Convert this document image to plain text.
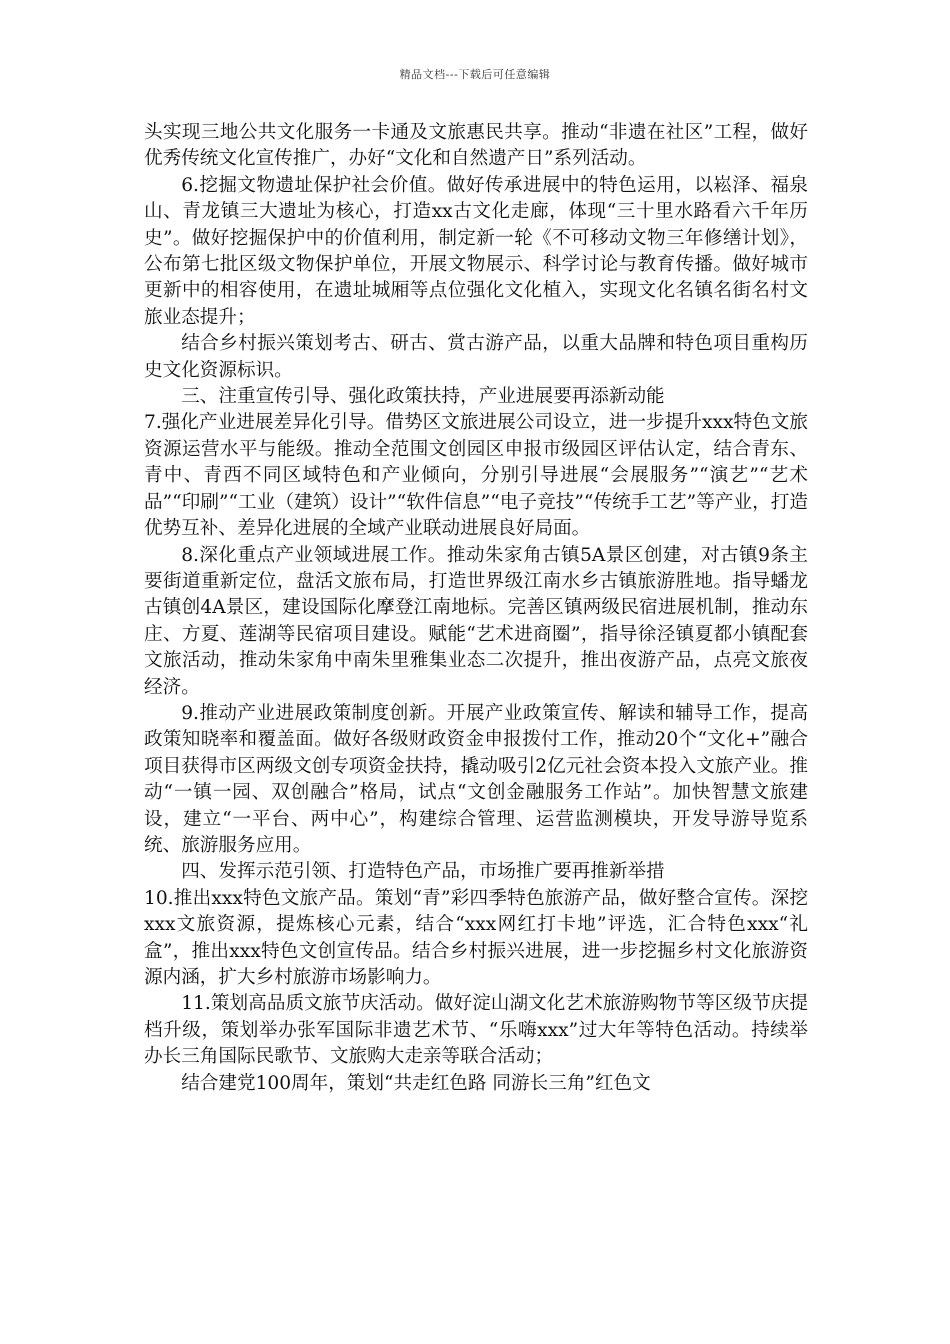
精品文档---下载后可任意编辑

头实现三地公共文化服务一卡通及文旅惠民共享。推动“非遗在社区”工程，做好优秀传统文化宣传推广，办好“文化和自然遗产日”系列活动。

6.挖掘文物遗址保护社会价值。做好传承进展中的特色运用，以崧泽、福泉山、青龙镇三大遗址为核心，打造xx古文化走廊，体现“三十里水路看六千年历史”。做好挖掘保护中的价值利用，制定新一轮《不可移动文物三年修缮计划》，公布第七批区级文物保护单位，开展文物展示、科学讨论与教育传播。做好城市更新中的相容使用，在遗址城厢等点位强化文化植入，实现文化名镇名街名村文旅业态提升；

结合乡村振兴策划考古、研古、赏古游产品，以重大品牌和特色项目重构历史文化资源标识。

三、注重宣传引导、强化政策扶持，产业进展要再添新动能

7.强化产业进展差异化引导。借势区文旅进展公司设立，进一步提升xxx特色文旅资源运营水平与能级。推动全范围文创园区申报市级园区评估认定，结合青东、青中、青西不同区域特色和产业倾向，分别引导进展“会展服务”“演艺”“艺术品”“印刷”“工业（建筑）设计”“软件信息”“电子竞技”“传统手工艺”等产业，打造优势互补、差异化进展的全域产业联动进展良好局面。

8.深化重点产业领域进展工作。推动朱家角古镇5A景区创建，对古镇9条主要街道重新定位，盘活文旅布局，打造世界级江南水乡古镇旅游胜地。指导蟠龙古镇创4A景区，建设国际化摩登江南地标。完善区镇两级民宿进展机制，推动东庄、方夏、莲湖等民宿项目建设。赋能“艺术进商圈”，指导徐泾镇夏都小镇配套文旅活动，推动朱家角中南朱里雅集业态二次提升，推出夜游产品，点亮文旅夜经济。

9.推动产业进展政策制度创新。开展产业政策宣传、解读和辅导工作，提高政策知晓率和覆盖面。做好各级财政资金申报拨付工作，推动20个“文化+”融合项目获得市区两级文创专项资金扶持，撬动吸引2亿元社会资本投入文旅产业。推动“一镇一园、双创融合”格局，试点“文创金融服务工作站”。加快智慧文旅建设，建立“一平台、两中心”，构建综合管理、运营监测模块，开发导游导览系统、旅游服务应用。

四、发挥示范引领、打造特色产品，市场推广要再推新举措

10.推出xxx特色文旅产品。策划“青”彩四季特色旅游产品，做好整合宣传。深挖xxx文旅资源，提炼核心元素，结合“xxx网红打卡地”评选，汇合特色xxx“礼盒”，推出xxx特色文创宣传品。结合乡村振兴进展，进一步挖掘乡村文化旅游资源内涵，扩大乡村旅游市场影响力。

11.策划高品质文旅节庆活动。做好淀山湖文化艺术旅游购物节等区级节庆提档升级，策划举办张军国际非遗艺术节、“乐嗨xxx”过大年等特色活动。持续举办长三角国际民歌节、文旅购大走亲等联合活动；

结合建党100周年，策划“共走红色路 同游长三角”红色文
